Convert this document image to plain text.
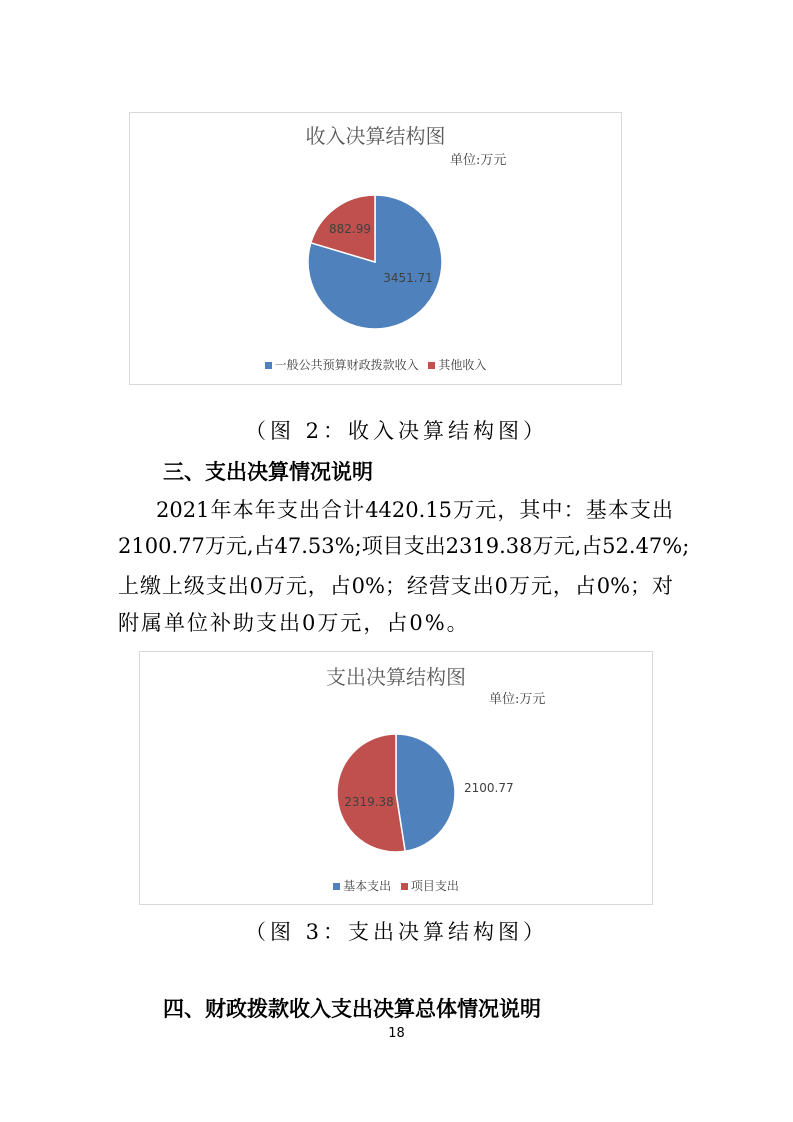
收入决算结构图
单位:万元
3451.71
882.99
一般公共预算财政拨款收入 其他收入
（图 2：收入决算结构图）
三、支出决算情况说明
2021年本年支出合计4420.15万元，其中：基本支出
2100.77万元,占47.53%;项目支出2319.38万元,占52.47%;
上缴上级支出0万元，占0%；经营支出0万元，占0%；对
附属单位补助支出0万元，占0%。
支出决算结构图
单位:万元
2100.77
2319.38
基本支出 项目支出
（图 3：支出决算结构图）
四、财政拨款收入支出决算总体情况说明
18
